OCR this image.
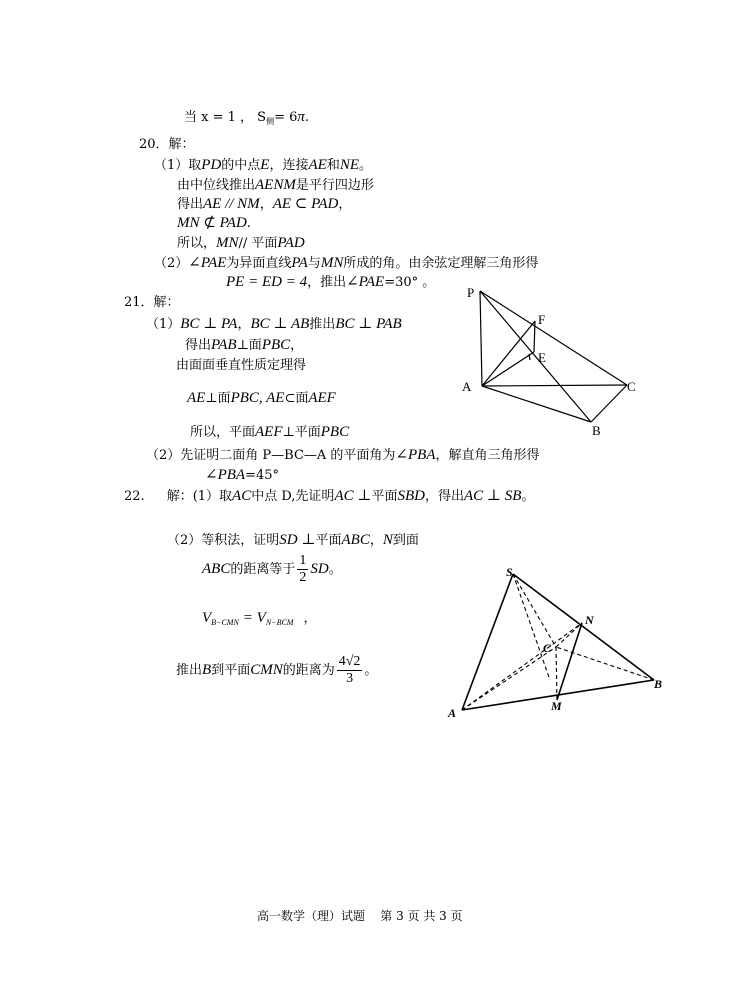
当 x = 1 ， $S_侧= 6\pi$.
20．解：
（1）取PD的中点E，连接AE和NE。
由中位线推出AENM是平行四边形
得出AE // NM，AE ⊂ PAD，
MN ⊄ PAD.
所以，MN// 平面PAD
（2）∠PAE为异面直线PA与MN所成的角。由余弦定理解三角形得
PE = ED = 4，推出∠PAE=30° 。
21．解：
（1）BC ⊥ PA，BC ⊥ AB推出BC ⊥ PAB
得出PAB⊥面PBC，
由面面垂直性质定理得
AE⊥面PBC, AE⊂面AEF
所以，平面AEF⊥平面PBC
（2）先证明二面角 P—BC—A 的平面角为∠PBA，解直角三角形得
∠PBA=45°
P
F
E
A	C
B
22. 解：(1）取AC中点 D,先证明AC ⊥平面SBD，得出AC ⊥ SB。
（2）等积法，证明SD ⊥平面ABC，N到面
ABC的距离等于 $\frac{1}{2}$ SD。
$V_{B-CMN} = V_{N-BCM}$ ，
推出B到平面CMN的距离为 $\frac{4√2}{3}$ 。
S
N
C
B
A	M
高一数学（理）试题    第 3 页 共 3 页
